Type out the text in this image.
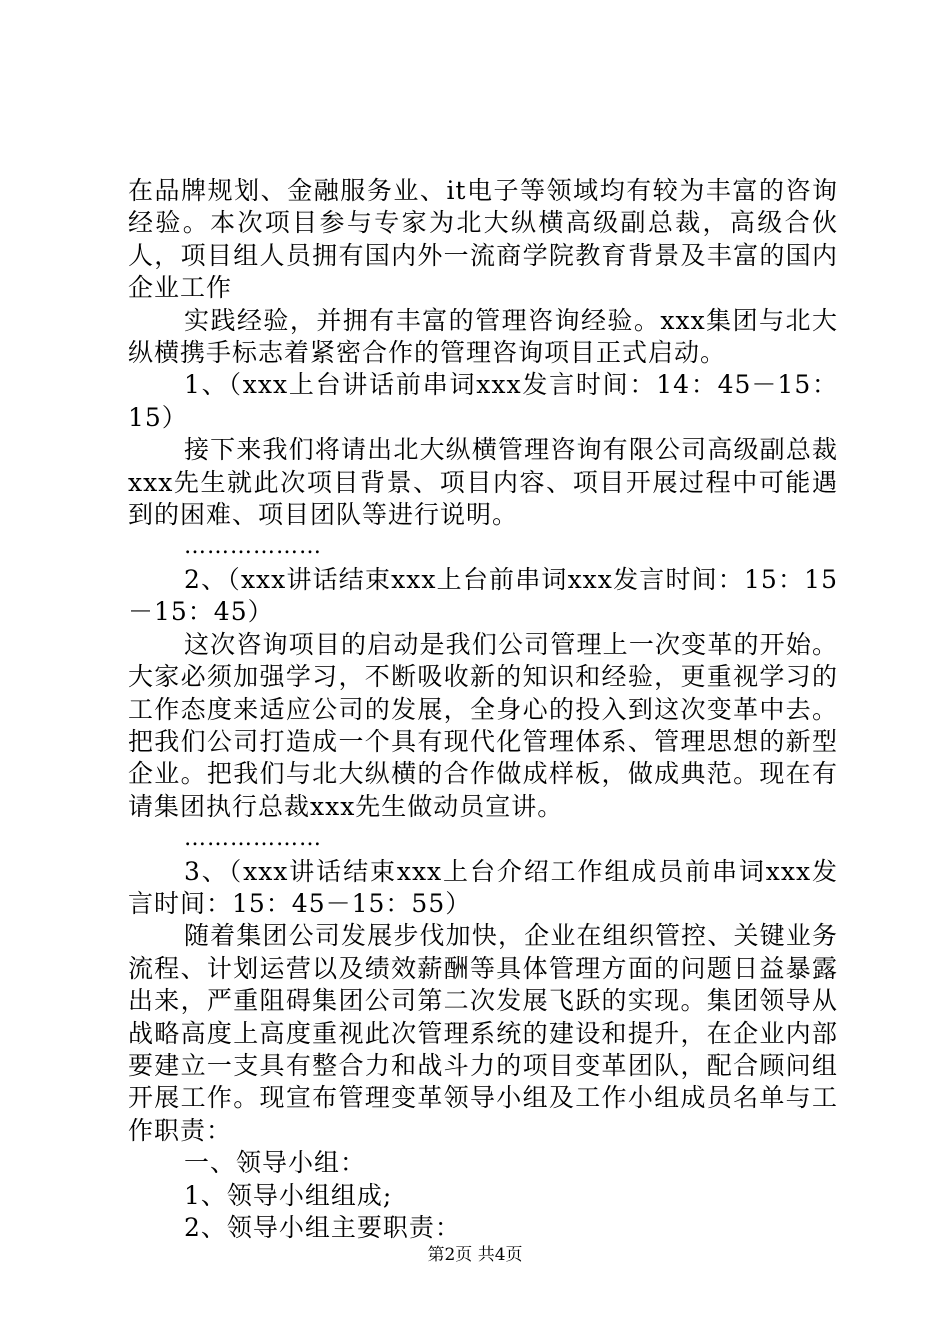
在品牌规划、金融服务业、it电子等领域均有较为丰富的咨询经验。本次项目参与专家为北大纵横高级副总裁，高级合伙人，项目组人员拥有国内外一流商学院教育背景及丰富的国内企业工作

实践经验，并拥有丰富的管理咨询经验。xxx集团与北大纵横携手标志着紧密合作的管理咨询项目正式启动。

1、（xxx上台讲话前串词xxx发言时间：14：45－15：15）

接下来我们将请出北大纵横管理咨询有限公司高级副总裁xxx先生就此次项目背景、项目内容、项目开展过程中可能遇到的困难、项目团队等进行说明。

………………

2、（xxx讲话结束xxx上台前串词xxx发言时间：15：15－15：45）

这次咨询项目的启动是我们公司管理上一次变革的开始。大家必须加强学习，不断吸收新的知识和经验，更重视学习的工作态度来适应公司的发展，全身心的投入到这次变革中去。把我们公司打造成一个具有现代化管理体系、管理思想的新型企业。把我们与北大纵横的合作做成样板，做成典范。现在有请集团执行总裁xxx先生做动员宣讲。

………………

3、（xxx讲话结束xxx上台介绍工作组成员前串词xxx发言时间：15：45－15：55）

随着集团公司发展步伐加快，企业在组织管控、关键业务流程、计划运营以及绩效薪酬等具体管理方面的问题日益暴露出来，严重阻碍集团公司第二次发展飞跃的实现。集团领导从战略高度上高度重视此次管理系统的建设和提升，在企业内部要建立一支具有整合力和战斗力的项目变革团队，配合顾问组开展工作。现宣布管理变革领导小组及工作小组成员名单与工作职责：

一、领导小组：

1、领导小组组成;

2、领导小组主要职责：

第2页 共4页
